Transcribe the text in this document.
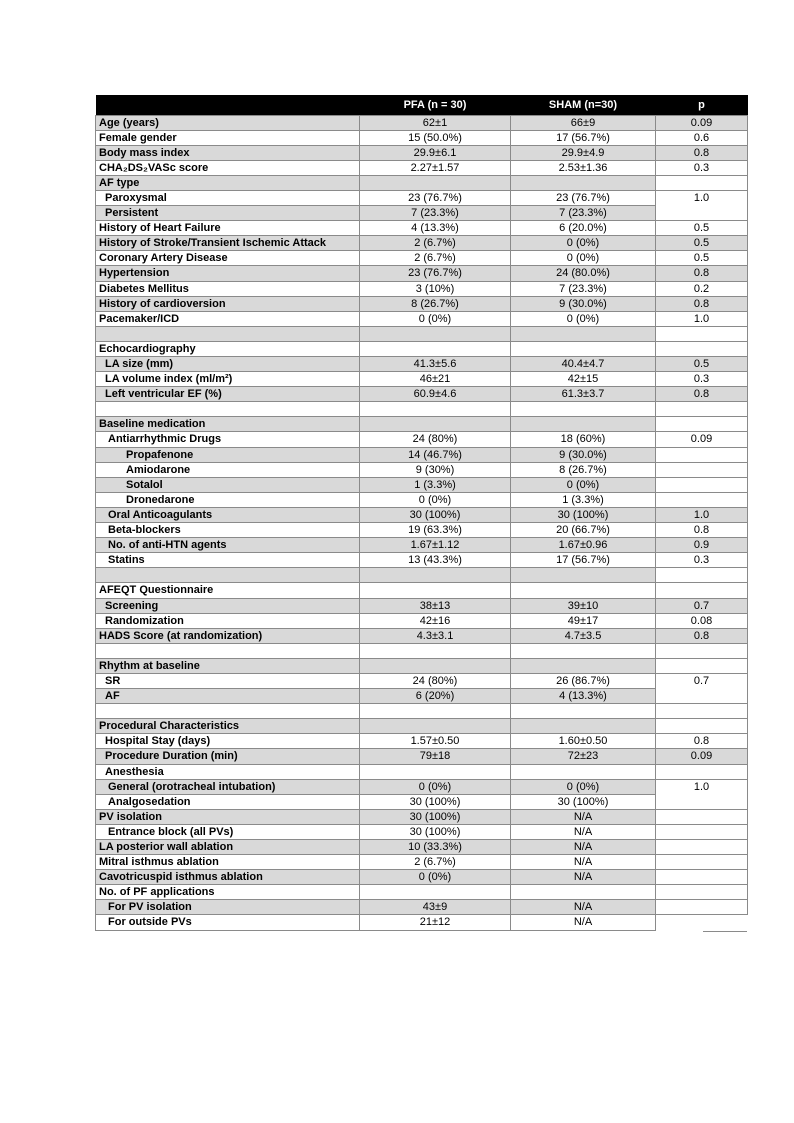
	PFA (n = 30)	SHAM (n=30)	p
Age (years)	62±1	66±9	0.09
Female gender	15 (50.0%)	17 (56.7%)	0.6
Body mass index	29.9±6.1	29.9±4.9	0.8
CHA₂DS₂VASc score	2.27±1.57	2.53±1.36	0.3
AF type			
Paroxysmal	23 (76.7%)	23 (76.7%)	1.0
Persistent	7 (23.3%)	7 (23.3%)	
History of Heart Failure	4 (13.3%)	6 (20.0%)	0.5
History of Stroke/Transient Ischemic Attack	2 (6.7%)	0 (0%)	0.5
Coronary Artery Disease	2 (6.7%)	0 (0%)	0.5
Hypertension	23 (76.7%)	24 (80.0%)	0.8
Diabetes Mellitus	3 (10%)	7 (23.3%)	0.2
History of cardioversion	8 (26.7%)	9 (30.0%)	0.8
Pacemaker/ICD	0 (0%)	0 (0%)	1.0

Echocardiography			
LA size (mm)	41.3±5.6	40.4±4.7	0.5
LA volume index (ml/m²)	46±21	42±15	0.3
Left ventricular EF (%)	60.9±4.6	61.3±3.7	0.8

Baseline medication			
Antiarrhythmic Drugs	24 (80%)	18 (60%)	0.09
Propafenone	14 (46.7%)	9 (30.0%)	
Amiodarone	9 (30%)	8 (26.7%)	
Sotalol	1 (3.3%)	0 (0%)	
Dronedarone	0 (0%)	1 (3.3%)	
Oral Anticoagulants	30 (100%)	30 (100%)	1.0
Beta-blockers	19 (63.3%)	20 (66.7%)	0.8
No. of anti-HTN agents	1.67±1.12	1.67±0.96	0.9
Statins	13 (43.3%)	17 (56.7%)	0.3

AFEQT Questionnaire			
Screening	38±13	39±10	0.7
Randomization	42±16	49±17	0.08
HADS Score (at randomization)	4.3±3.1	4.7±3.5	0.8

Rhythm at baseline			
SR	24 (80%)	26 (86.7%)	0.7
AF	6 (20%)	4 (13.3%)	

Procedural Characteristics			
Hospital Stay (days)	1.57±0.50	1.60±0.50	0.8
Procedure Duration (min)	79±18	72±23	0.09
Anesthesia			
General (orotracheal intubation)	0 (0%)	0 (0%)	1.0
Analgosedation	30 (100%)	30 (100%)	
PV isolation	30 (100%)	N/A	
Entrance block (all PVs)	30 (100%)	N/A	
LA posterior wall ablation	10 (33.3%)	N/A	
Mitral isthmus ablation	2 (6.7%)	N/A	
Cavotricuspid isthmus ablation	0 (0%)	N/A	
No. of PF applications			
For PV isolation	43±9	N/A	
For outside PVs	21±12	N/A	
